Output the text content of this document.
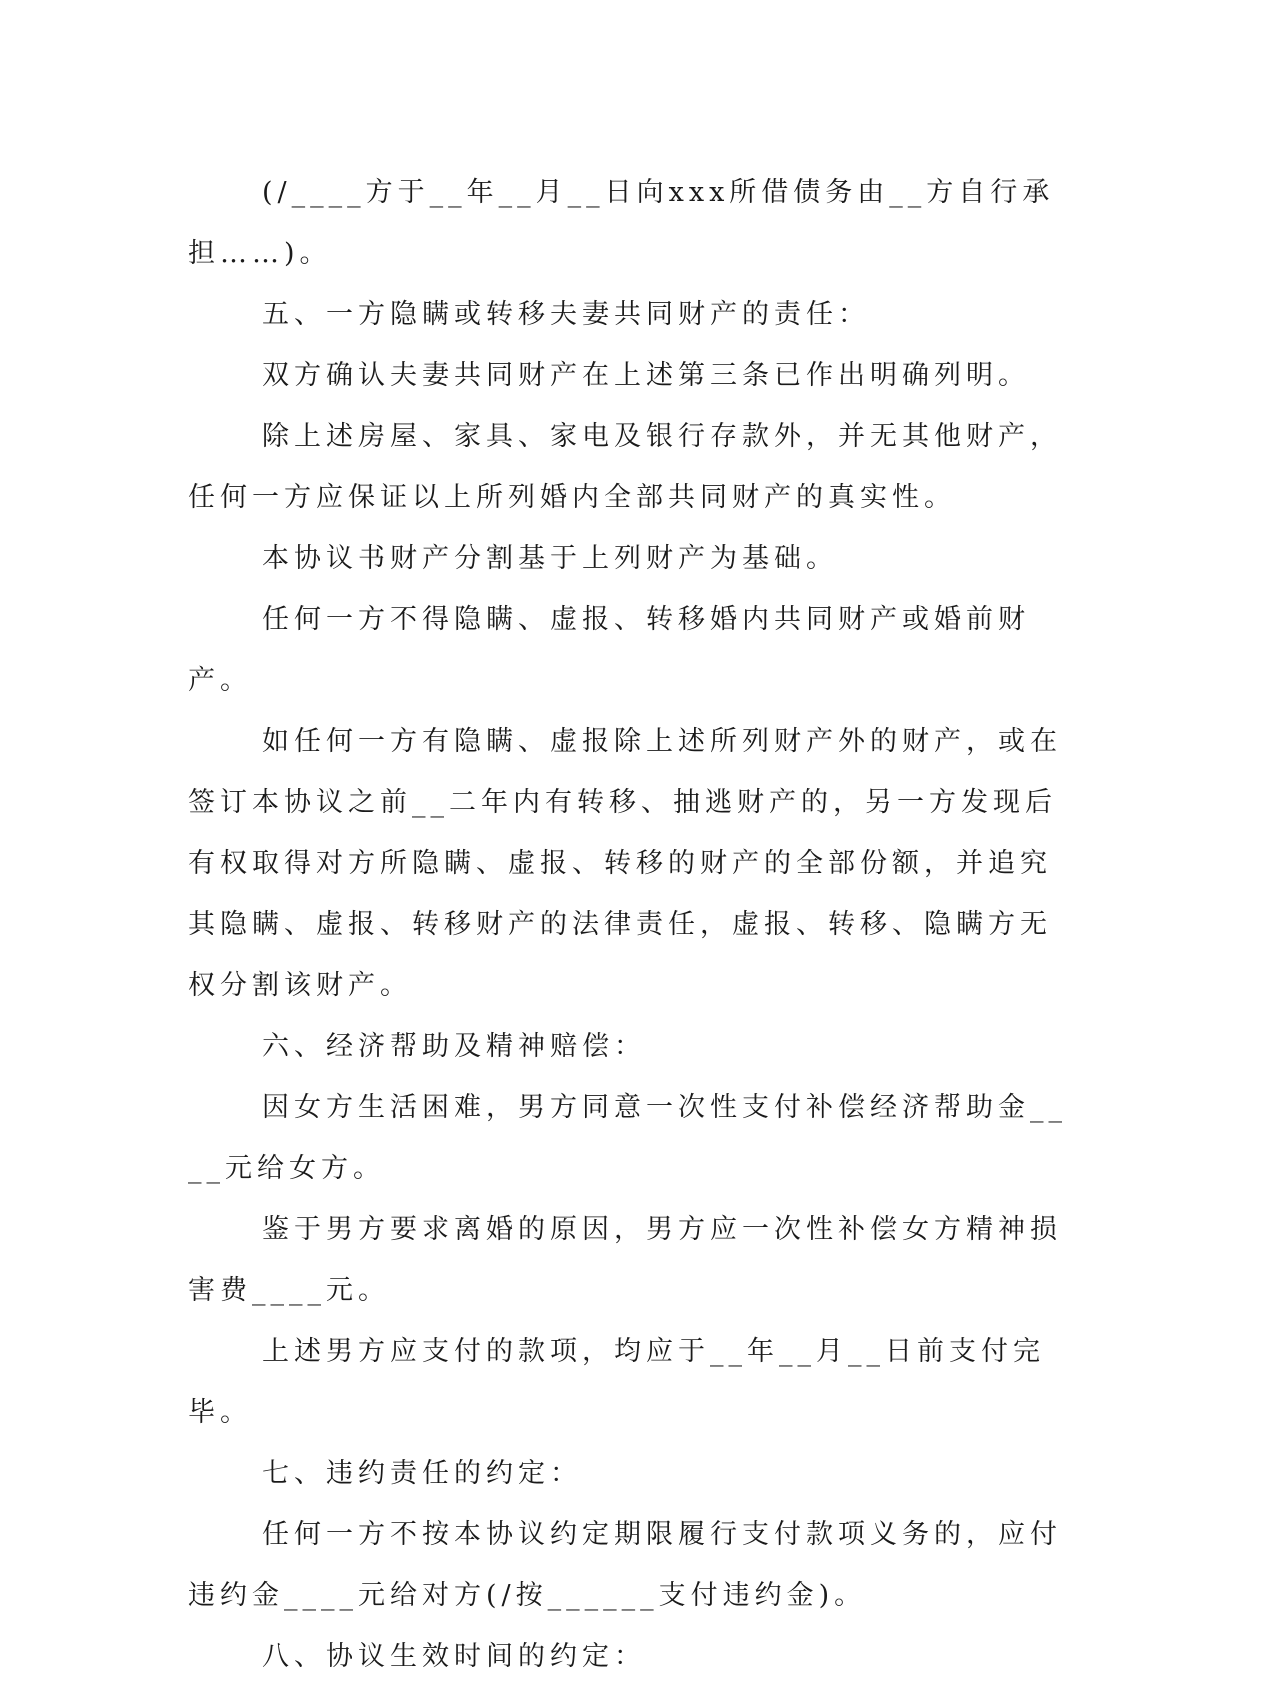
(/____方于__年__月__日向xxx所借债务由__方自行承担……)。

五、一方隐瞒或转移夫妻共同财产的责任：

双方确认夫妻共同财产在上述第三条已作出明确列明。

除上述房屋、家具、家电及银行存款外，并无其他财产，任何一方应保证以上所列婚内全部共同财产的真实性。

本协议书财产分割基于上列财产为基础。

任何一方不得隐瞒、虚报、转移婚内共同财产或婚前财产。

如任何一方有隐瞒、虚报除上述所列财产外的财产，或在签订本协议之前__二年内有转移、抽逃财产的，另一方发现后有权取得对方所隐瞒、虚报、转移的财产的全部份额，并追究其隐瞒、虚报、转移财产的法律责任，虚报、转移、隐瞒方无权分割该财产。

六、经济帮助及精神赔偿：

因女方生活困难，男方同意一次性支付补偿经济帮助金____元给女方。

鉴于男方要求离婚的原因，男方应一次性补偿女方精神损害费____元。

上述男方应支付的款项，均应于__年__月__日前支付完毕。

七、违约责任的约定：

任何一方不按本协议约定期限履行支付款项义务的，应付违约金____元给对方(/按______支付违约金)。

八、协议生效时间的约定：
